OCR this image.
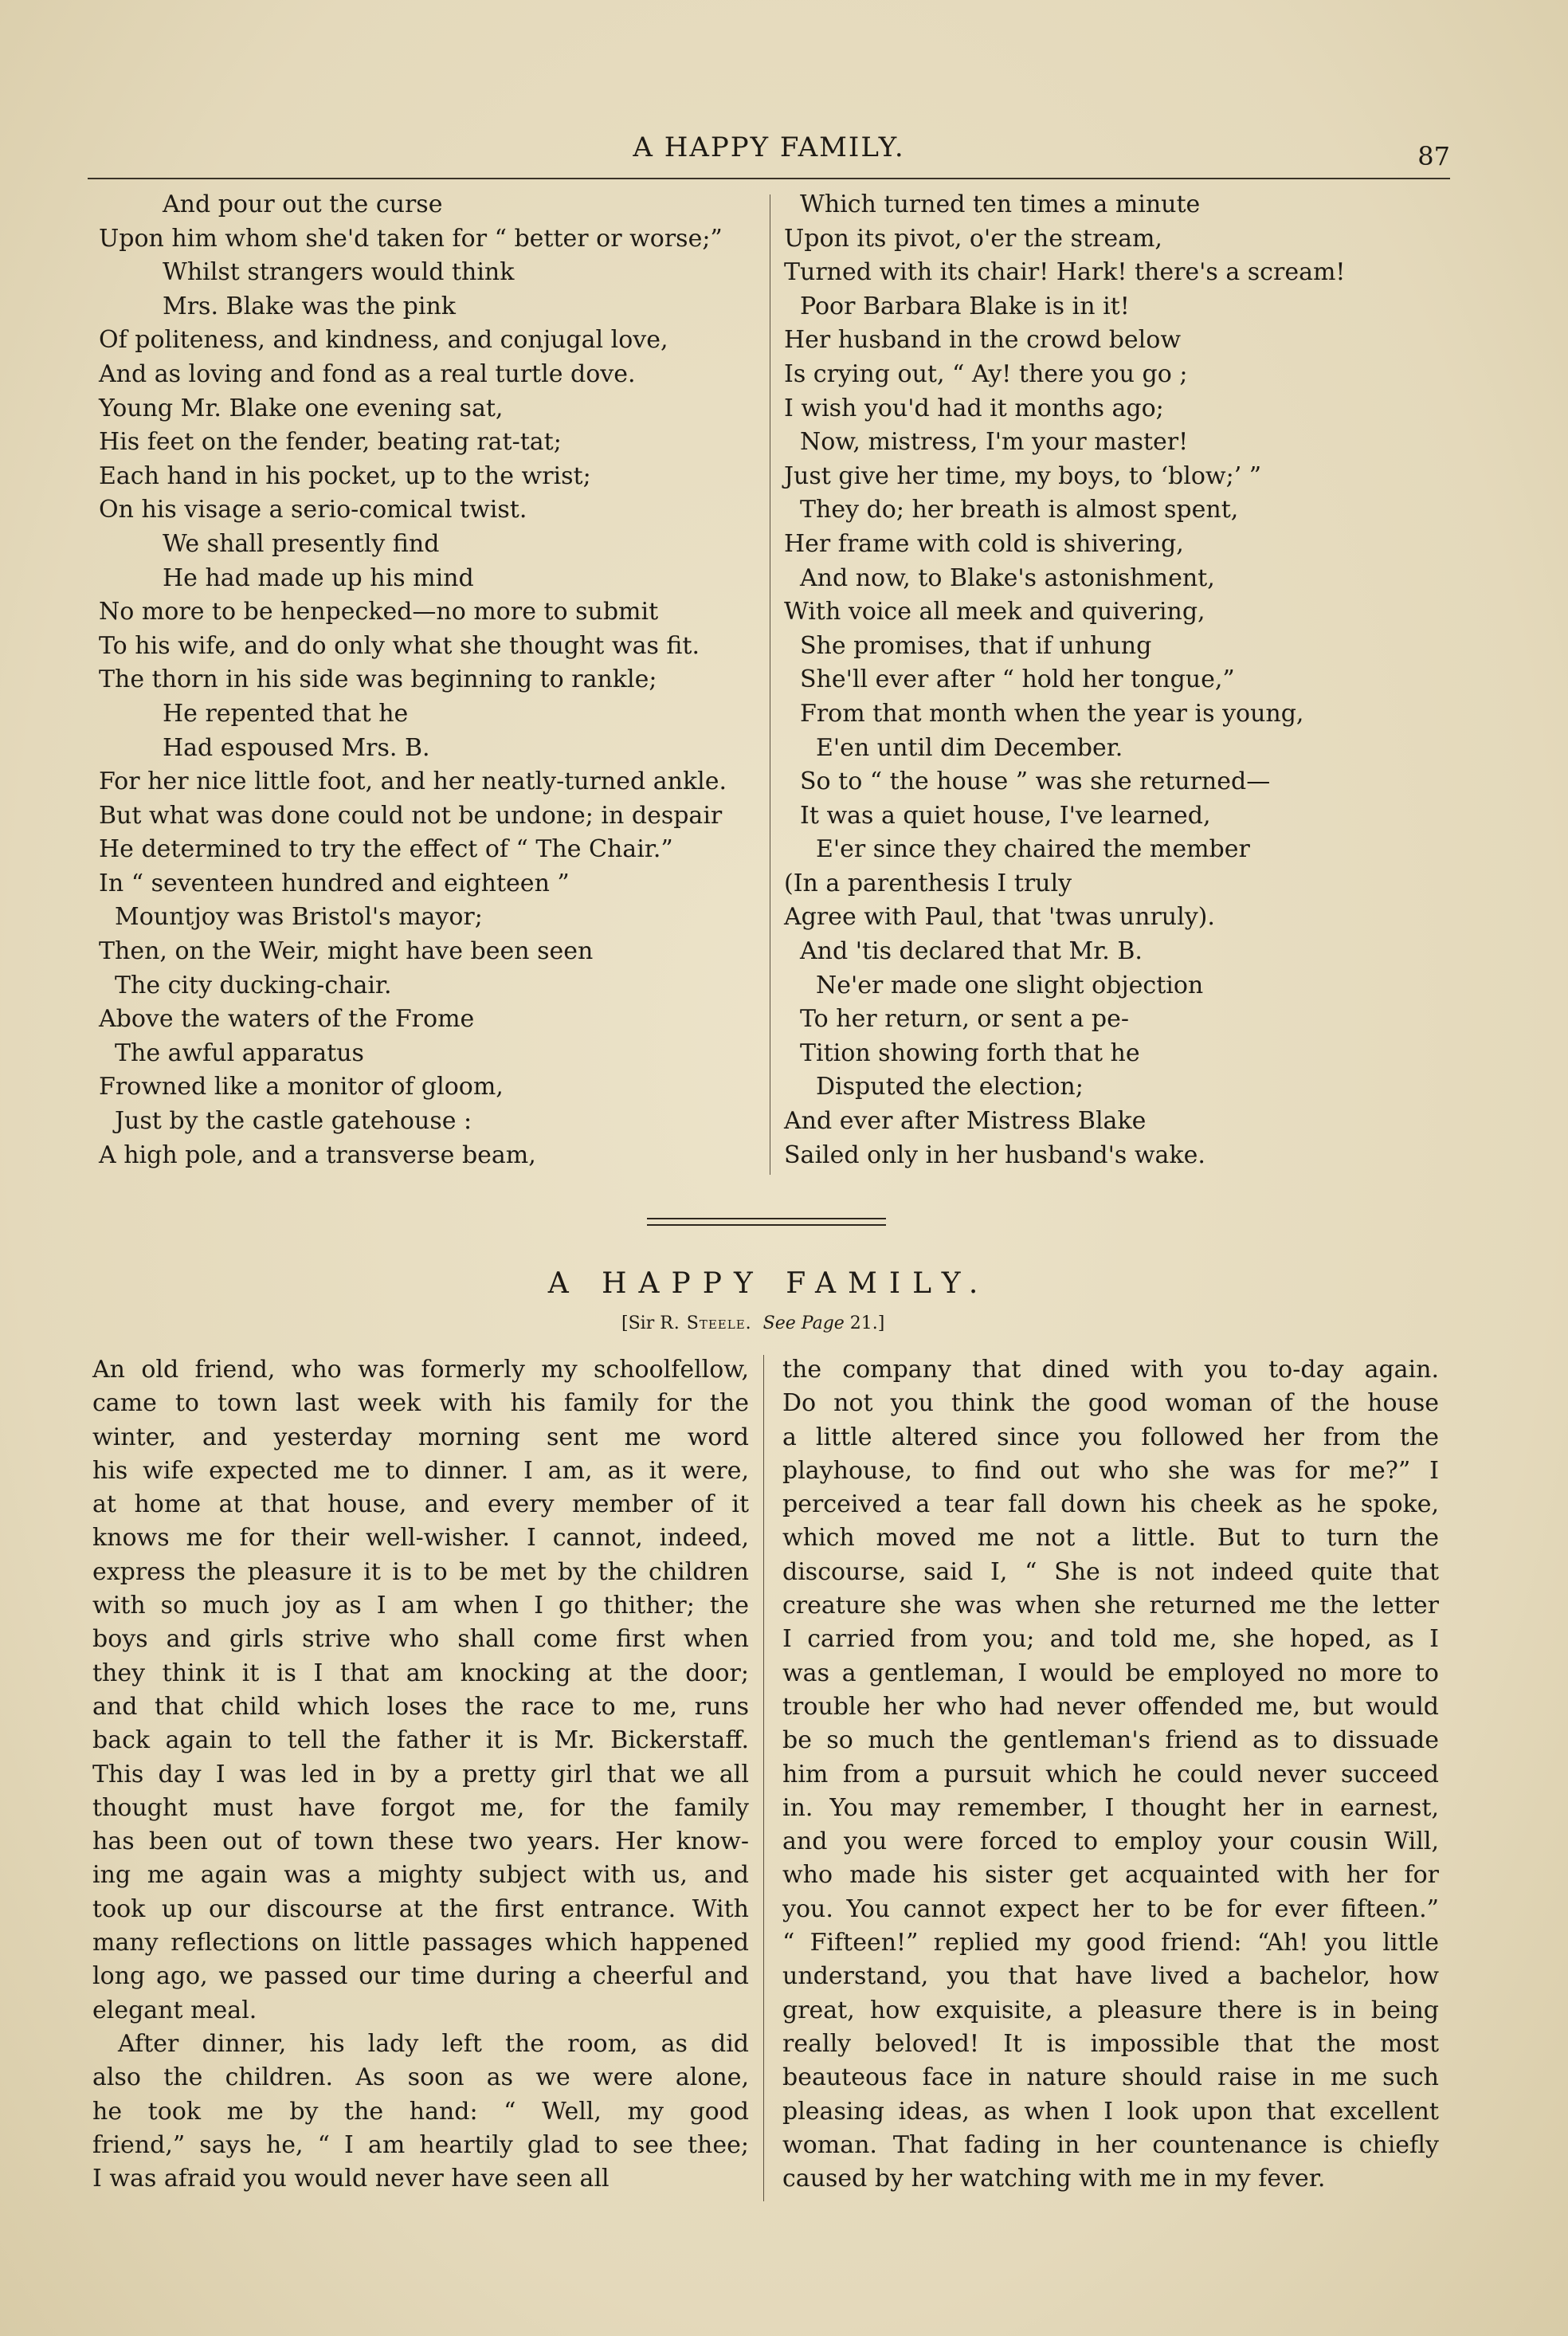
A HAPPY FAMILY.	87
And pour out the curse
Upon him whom she'd taken for “ better or worse;”
Whilst strangers would think
Mrs. Blake was the pink
Of politeness, and kindness, and conjugal love,
And as loving and fond as a real turtle dove.
Young Mr. Blake one evening sat,
His feet on the fender, beating rat-tat;
Each hand in his pocket, up to the wrist;
On his visage a serio-comical twist.
We shall presently find
He had made up his mind
No more to be henpecked—no more to submit
To his wife, and do only what she thought was fit.
The thorn in his side was beginning to rankle;
He repented that he
Had espoused Mrs. B.
For her nice little foot, and her neatly-turned ankle.
But what was done could not be undone; in despair
He determined to try the effect of “ The Chair.”
In “ seventeen hundred and eighteen ”
Mountjoy was Bristol's mayor;
Then, on the Weir, might have been seen
The city ducking-chair.
Above the waters of the Frome
The awful apparatus
Frowned like a monitor of gloom,
Just by the castle gatehouse :
A high pole, and a transverse beam,
Which turned ten times a minute
Upon its pivot, o'er the stream,
Turned with its chair! Hark! there's a scream!
Poor Barbara Blake is in it!
Her husband in the crowd below
Is crying out, “ Ay! there you go ;
I wish you'd had it months ago;
Now, mistress, I'm your master!
Just give her time, my boys, to ‘blow;’ ”
They do; her breath is almost spent,
Her frame with cold is shivering,
And now, to Blake's astonishment,
With voice all meek and quivering,
She promises, that if unhung
She'll ever after “ hold her tongue,”
From that month when the year is young,
E'en until dim December.
So to “ the house ” was she returned—
It was a quiet house, I've learned,
E'er since they chaired the member
(In a parenthesis I truly
Agree with Paul, that 'twas unruly).
And 'tis declared that Mr. B.
Ne'er made one slight objection
To her return, or sent a pe-
Tition showing forth that he
Disputed the election;
And ever after Mistress Blake
Sailed only in her husband's wake.
A HAPPY FAMILY.
[Sir R. Steele. See Page 21.]
An old friend, who was formerly my schoolfellow,
came to town last week with his family for the
winter, and yesterday morning sent me word
his wife expected me to dinner. I am, as it were,
at home at that house, and every member of it
knows me for their well-wisher. I cannot, indeed,
express the pleasure it is to be met by the children
with so much joy as I am when I go thither; the
boys and girls strive who shall come first when
they think it is I that am knocking at the door;
and that child which loses the race to me, runs
back again to tell the father it is Mr. Bickerstaff.
This day I was led in by a pretty girl that we all
thought must have forgot me, for the family
has been out of town these two years. Her know-
ing me again was a mighty subject with us, and
took up our discourse at the first entrance. With
many reflections on little passages which happened
long ago, we passed our time during a cheerful and
elegant meal.
After dinner, his lady left the room, as did
also the children. As soon as we were alone,
he took me by the hand: “ Well, my good
friend,” says he, “ I am heartily glad to see thee;
I was afraid you would never have seen all
the company that dined with you to-day again.
Do not you think the good woman of the house
a little altered since you followed her from the
playhouse, to find out who she was for me?” I
perceived a tear fall down his cheek as he spoke,
which moved me not a little. But to turn the
discourse, said I, “ She is not indeed quite that
creature she was when she returned me the letter
I carried from you; and told me, she hoped, as I
was a gentleman, I would be employed no more to
trouble her who had never offended me, but would
be so much the gentleman's friend as to dissuade
him from a pursuit which he could never succeed
in. You may remember, I thought her in earnest,
and you were forced to employ your cousin Will,
who made his sister get acquainted with her for
you. You cannot expect her to be for ever fifteen.”
“ Fifteen!” replied my good friend: “Ah! you little
understand, you that have lived a bachelor, how
great, how exquisite, a pleasure there is in being
really beloved! It is impossible that the most
beauteous face in nature should raise in me such
pleasing ideas, as when I look upon that excellent
woman. That fading in her countenance is chiefly
caused by her watching with me in my fever.
